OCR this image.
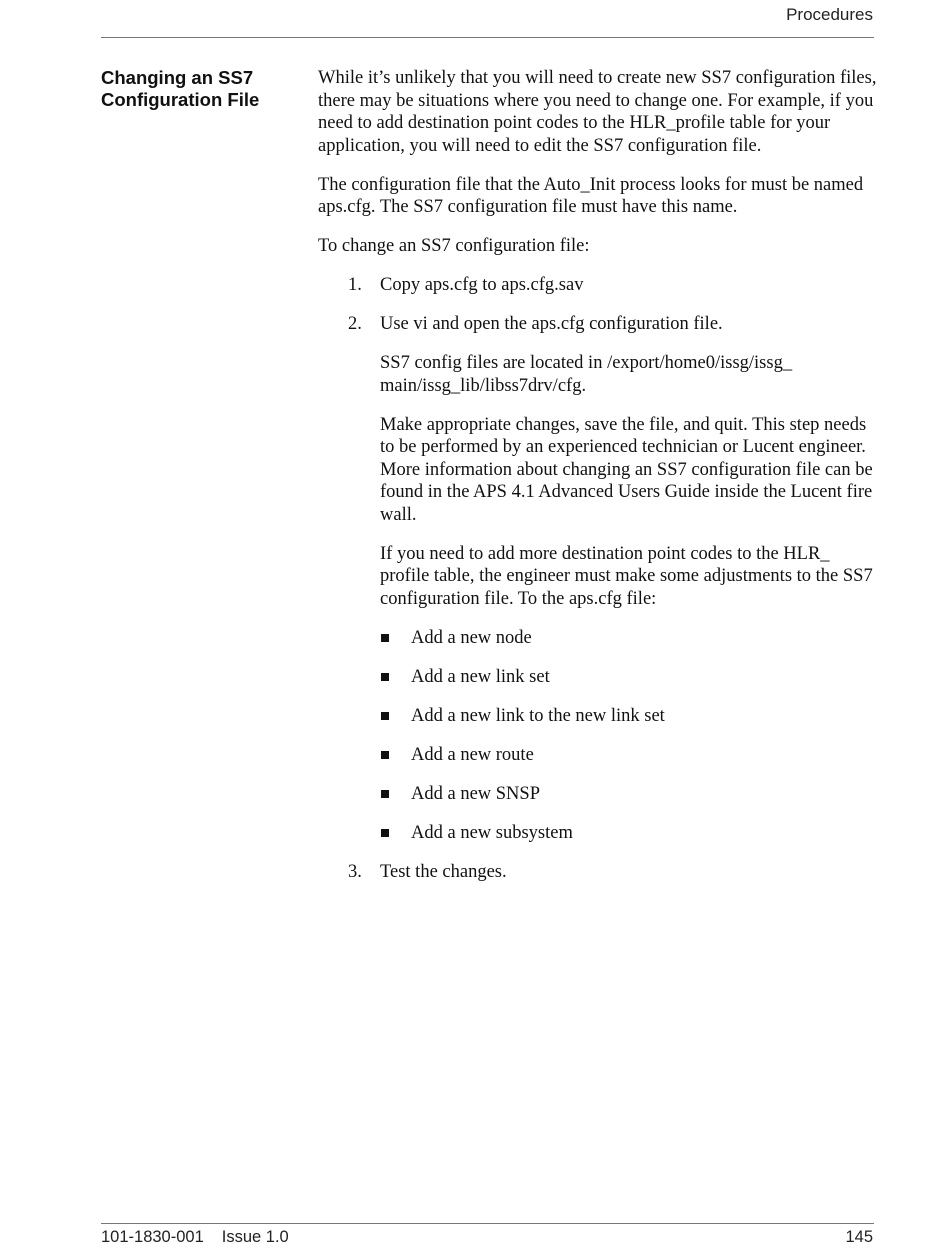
Procedures
Changing an SS7
Configuration File

While it’s unlikely that you will need to create new SS7 configuration files, there may be situations where you need to change one. For example, if you need to add destination point codes to the HLR_profile table for your application, you will need to edit the SS7 configuration file.

The configuration file that the Auto_Init process looks for must be named aps.cfg. The SS7 configuration file must have this name.

To change an SS7 configuration file:

1. Copy aps.cfg to aps.cfg.sav

2. Use vi and open the aps.cfg configuration file.

SS7 config files are located in /export/home0/issg/issg_ main/issg_lib/libss7drv/cfg.

Make appropriate changes, save the file, and quit. This step needs to be performed by an experienced technician or Lucent engineer. More information about changing an SS7 configuration file can be found in the APS 4.1 Advanced Users Guide inside the Lucent fire wall.

If you need to add more destination point codes to the HLR_ profile table, the engineer must make some adjustments to the SS7 configuration file. To the aps.cfg file:

Add a new node
Add a new link set
Add a new link to the new link set
Add a new route
Add a new SNSP
Add a new subsystem
3. Test the changes.

101-1830-001 Issue 1.0	145
